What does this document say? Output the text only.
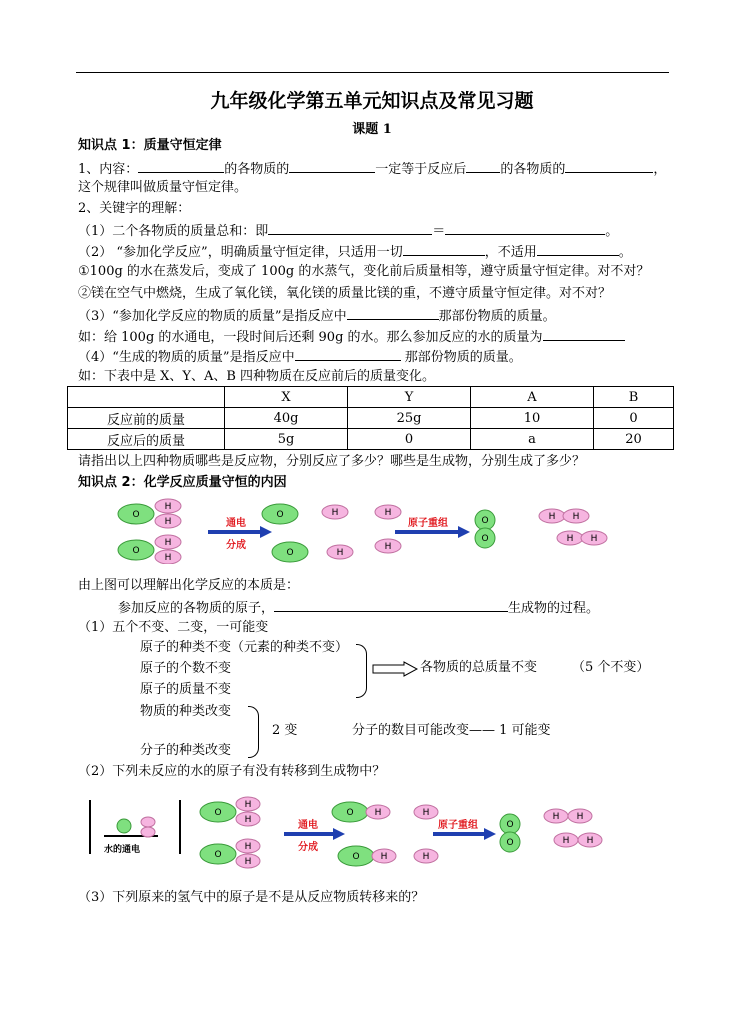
九年级化学第五单元知识点及常见习题
课题 1
知识点 1：质量守恒定律
1、内容：	的各物质的	一定等于反应后	的各物质的	，
这个规律叫做质量守恒定律。
2、关键字的理解：
（1）二个各物质的质量总和：即	＝	。
（2） “参加化学反应”，明确质量守恒定律，只适用一切	，不适用	。
①100g 的水在蒸发后，变成了 100g 的水蒸气，变化前后质量相等，遵守质量守恒定律。对不对？
②镁在空气中燃烧，生成了氧化镁，氧化镁的质量比镁的重，不遵守质量守恒定律。对不对？
（3）“参加化学反应的物质的质量”是指反应中	那部份物质的质量。
如：给 100g 的水通电，一段时间后还剩 90g 的水。那么参加反应的水的质量为
（4）“生成的物质的质量”是指反应中	那部份物质的质量。
如：下表中是 X、Y、A、B 四种物质在反应前后的质量变化。
	X	Y	A	B
反应前的质量	40g	25g	10	0
反应后的质量	5g	0	a	20
请指出以上四种物质哪些是反应物，分别反应了多少？哪些是生成物，分别生成了多少？
知识点 2：化学反应质量守恒的内因
O
H
H
O
H
H
通电
分成
O
O
H	H
H
H
原子重组	O
O
H H
H H
由上图可以理解出化学反应的本质是：
参加反应的各物质的原子，	生成物的过程。
（1）五个不变、二变，一可能变
原子的种类不变（元素的种类不变）
原子的个数不变
原子的质量不变
各物质的总质量不变	（5 个不变）
物质的种类改变
分子的种类改变
2 变	分子的数目可能改变—— 1 可能变
（2）下列未反应的水的原子有没有转移到生成物中？
水的通电
O
H
H
O
H
H
通电
分成
O
O
H	H
H	H
原子重组	O
O
H H
H H
（3）下列原来的氢气中的原子是不是从反应物质转移来的？
